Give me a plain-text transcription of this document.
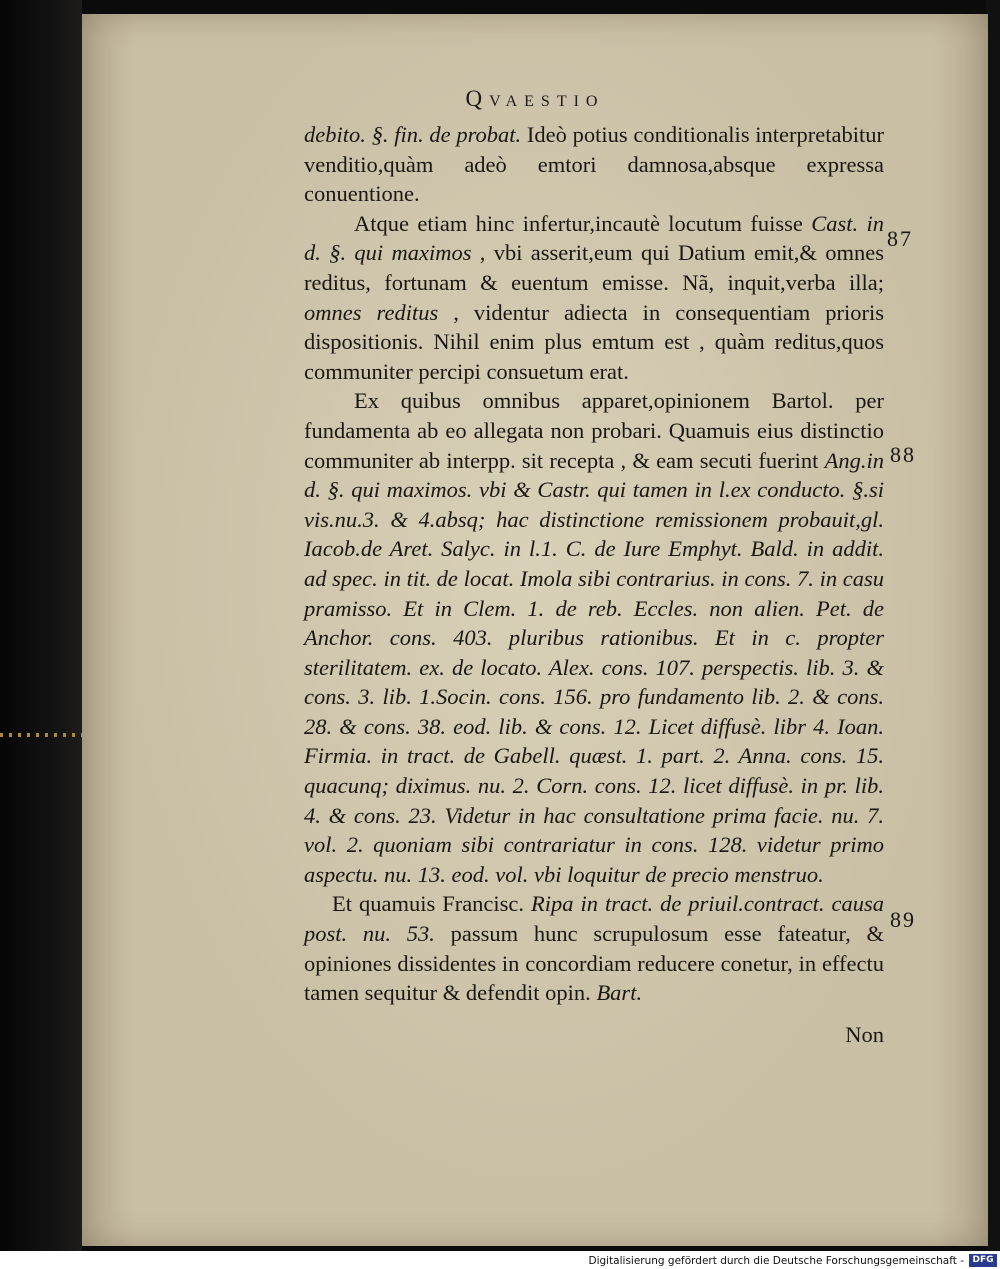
Qvaestio

debito. §. fin. de probat. Ideò potius conditionalis interpretabitur venditio,quàm adeò emtori damnosa,absque expressa conuentione.

Atque etiam hinc infertur,incautè locutum fuisse Cast. in d. §. qui maximos , vbi asserit,eum qui Datium emit,& omnes reditus, fortunam & euentum emisse. Nã, inquit,verba illa; omnes reditus , videntur adiecta in consequentiam prioris dispositionis. Nihil enim plus emtum est , quàm reditus,quos communiter percipi consuetum erat.

Ex quibus omnibus apparet,opinionem Bartol. per fundamenta ab eo allegata non probari. Quamuis eius distinctio communiter ab interpp. sit recepta , & eam secuti fuerint Ang.in d. §. qui maximos. vbi & Castr. qui tamen in l.ex conducto. §.si vis.nu.3. & 4.absq; hac distinctione remissionem probauit,gl. Iacob.de Aret. Salyc. in l.1. C. de Iure Emphyt. Bald. in addit. ad spec. in tit. de locat. Imola sibi contrarius. in cons. 7. in casu pramisso. Et in Clem. 1. de reb. Eccles. non alien. Pet. de Anchor. cons. 403. pluribus rationibus. Et in c. propter sterilitatem. ex. de locato. Alex. cons. 107. perspectis. lib. 3. & cons. 3. lib. 1.Socin. cons. 156. pro fundamento lib. 2. & cons. 28. & cons. 38. eod. lib. & cons. 12. Licet diffusè. libr 4. Ioan. Firmia. in tract. de Gabell. quæst. 1. part. 2. Anna. cons. 15. quacunq; diximus. nu. 2. Corn. cons. 12. licet diffusè. in pr. lib. 4. & cons. 23. Videtur in hac consultatione prima facie. nu. 7. vol. 2. quoniam sibi contrariatur in cons. 128. videtur primo aspectu. nu. 13. eod. vol. vbi loquitur de precio menstruo.

Et quamuis Francisc. Ripa in tract. de priuil.contract. causa post. nu. 53. passum hunc scrupulosum esse fateatur, & opiniones dissidentes in concordiam reducere conetur, in effectu tamen sequitur & defendit opin. Bart.

87
88
89
Non
Digitalisierung gefördert durch die Deutsche Forschungsgemeinschaft - DFG
